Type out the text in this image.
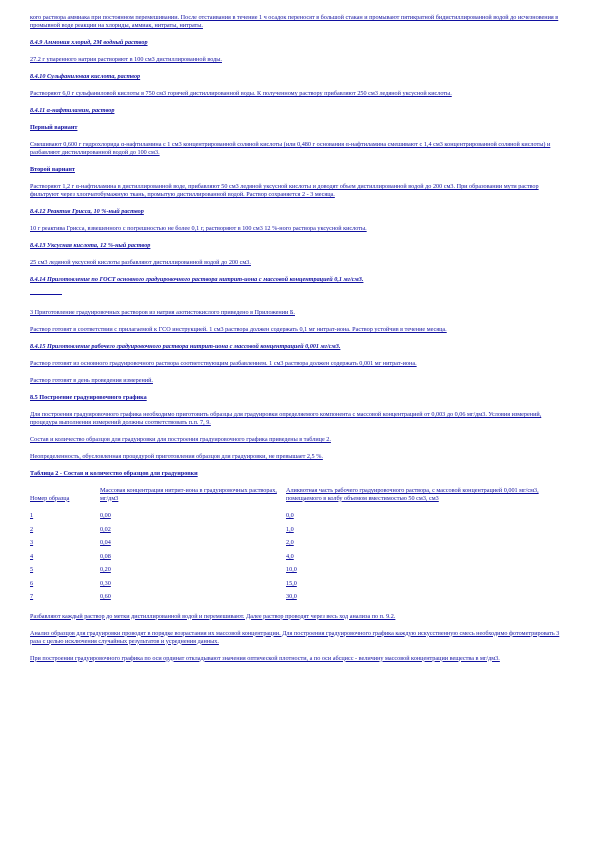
кого раствора аммиака при постоянном перемешивании. После отстаивания в течение 1 ч осадок переносят в большой стакан и промывают пятикратной бидистиллированной водой до исчезновения в промывной воде реакции на хлориды, аммиак, нитраты, нитраты.

8.4.9 Аммония хлорид, 2М водный раствор

27.2 г упаренного натрия растворяют в 100 см3 дистиллированной воды.

8.4.10 Сульфаниловая кислота, раствор

Растворяют 6,0 г сульфаниловой кислоты в 750 см3 горячей дистиллированной воды. К полученному раствору прибавляют 250 см3 ледяной уксусной кислоты.

8.4.11 α-нафтиламин, раствор

Первый вариант

Смешивают 0,600 г гидрохлорида α-нафтиламина с 1 см3 концентрированной соляной кислоты (или 0,480 г основания α-нафтиламина смешивают с 1,4 см3 концентрированной соляной кислоты) и разбавляют дистиллированной водой до 100 см3.

Второй вариант

Растворяют 1,2 г α-нафтиламина в дистиллированной воде, прибавляют 50 см3 ледяной уксусной кислоты и доводят объем дистиллированной водой до 200 см3. При образовании мути раствор фильтруют через хлопчатобумажную ткань, промытую дистиллированной водой. Раствор сохраняется 2 - 3 месяца.

8.4.12 Реактив Грисса, 10 %-ный раствор

10 г реактива Грисса, взвешенного с погрешностью не более 0,1 г, растворяют в 100 см3 12 %-ного раствора уксусной кислоты.

8.4.13 Уксусная кислота, 12 %-ный раствор

25 см3 ледяной уксусной кислоты разбавляют дистиллированной водой до 200 см3.

8.4.14 Приготовление по ГОСТ основного градуировочного раствора нитрит-иона с массовой концентрацией 0,1 мг/см3.

3 Приготовление градуировочных растворов из натрия азотистокислого приведено в Приложении Б.

Раствор готовят в соответствии с прилагаемой к ГСО инструкцией. 1 см3 раствора должен содержать 0,1 мг нитрат-иона. Раствор устойчив в течение месяца.

8.4.15 Приготовление рабочего градуировочного раствора нитрит-иона с массовой концентрацией 0,001 мг/см3.

Раствор готовят из основного градуировочного раствора соответствующим разбавлением. 1 см3 раствора должен содержать 0,001 мг нитрат-иона.

Раствор готовят в день проведения измерений.

8.5 Построение градуировочного графика

Для построения градуировочного графика необходимо приготовить образцы для градуировки определяемого компонента с массовой концентрацией от 0,003 до 0,06 мг/дм3. Условия измерений, процедура выполнения измерений должны соответствовать п.п. 7, 9.

Состав и количество образцов для градуировки для построения градуировочного графика приведены в таблице 2.

Неопределенность, обусловленная процедурой приготовления образцов для градуировки, не превышает 2,5 %.

Таблица 2 - Состав и количество образцов для градуировки

Номер образца	Массовая концентрация нитрит-иона в градуировочных растворах, мг/дм3	Аликвотная часть рабочего градуировочного раствора, с массовой концентрацией 0,001 мг/см3, помещаемого в колбу объемом вместимостью 50 см3, см3
1	0,00	0,0
2	0,02	1,0
3	0,04	2,0
4	0,08	4,0
5	0,20	10,0
6	0,30	15,0
7	0,60	30,0

Разбавляют каждый раствор до метки дистиллированной водой и перемешивают. Далее раствор проводят через весь ход анализа по п. 9.2.

Анализ образцов для градуировки проводят в порядке возрастания их массовой концентрации. Для построения градуировочного графика каждую искусственную смесь необходимо фотометрировать 3 раза с целью исключения случайных результатов и усреднения данных.

При построении градуировочного графика по оси ординат откладывают значения оптической плотности, а по оси абсцисс - величину массовой концентрации вещества в мг/дм3.
